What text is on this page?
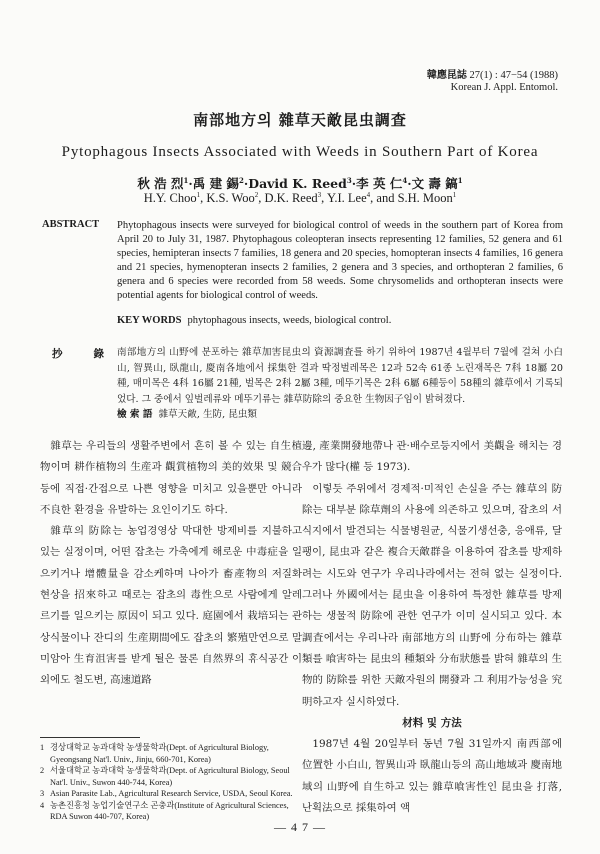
韓應昆誌 27(1) : 47−54 (1988)
Korean J. Appl. Entomol.
南部地方의 雜草天敵昆虫調査
Pytophagous Insects Associated with Weeds in Southern Part of Korea
秋 浩 烈$^1$·禹 建 錫$^2$·David K. Reed$^3$·李 英 仁$^4$·文 壽 鎬$^1$
H.Y. Choo$^1$, K.S. Woo$^2$, D.K. Reed$^3$, Y.I. Lee$^4$, and S.H. Moon$^1$
ABSTRACT Phytophagous insects were surveyed for biological control of weeds in the southern part of Korea from April 20 to July 31, 1987. Phytophagous coleopteran insects representing 12 families, 52 genera and 61 species, hemipteran insects 7 families, 18 genera and 20 species, homopteran insects 4 families, 16 genera and 21 species, hymenopteran insects 2 families, 2 genera and 3 species, and orthopteran 2 families, 6 genera and 6 species were recorded from 58 weeds. Some chrysomelids and orthopteran insects were potential agents for biological control of weeds.
KEY WORDS phytophagous insects, weeds, biological control.
抄	錄 南部地方의 山野에 분포하는 雜草加害昆虫의 資源調査를 하기 위하여 1987년 4월부터 7월에 걸쳐 小白山, 智異山, 臥龍山, 慶南各地에서 採集한 결과 딱정벌레목은 12과 52속 61종 노린재목은 7科 18屬 20種, 매미목은 4科 16屬 21種, 벌목은 2科 2屬 3種, 메뚜기목은 2科 6屬 6種등이 58種의 雜草에서 기록되었다. 그 중에서 잎벌레류와 메뚜기류는 雜草防除의 중요한 生物因子임이 밝혀졌다.
檢 索 語 雜草天敵, 生防, 昆虫類

雜草는 우리들의 생활주변에서 흔히 볼 수 있는 自生植物이며 耕作植物의 生産과 觀賞植物의 美的效果 및 競合 등에 직접·간접으로 나쁜 영향을 미치고 있을뿐만 아니라 不良한 환경을 유발하는 요인이기도 하다.

雜草의 防除는 농업경영상 막대한 방제비를 지불하고 있는 실정이며, 어떤 잡초는 가축에게 해로운 中毒症을 일으키거나 增體量을 감소케하며 나아가 畜產物의 저질화 현상을 招來하고 때로는 잡초의 毒性으로 사람에게 알레르기를 일으키는 原因이 되고 있다. 庭園에서 栽培되는 관상식물이나 잔디의 生産期間에도 잡초의 繁殖만연으로 말미암아 生育沮害를 받게 될은 물론 自然界의 휴식공간 이외에도 철도변, 高速道路

邊, 產業開發地帶나 관·배수로등지에서 美觀을 해치는 경우가 많다(權 등 1973).

이렇듯 주위에서 경제적·미적인 손실을 주는 雜草의 防除는 대부분 除草劑의 사용에 의존하고 있으며, 잡초의 서식지에서 발견되는 식물병원균, 식물기생선충, 응애류, 달팽이, 昆虫과 같은 複合天敵群을 이용하여 잡초를 방제하려는 시도와 연구가 우리나라에서는 전혀 없는 실정이다. 그러나 外國에서는 昆虫을 이용하여 특정한 雜草를 방제하는 생물적 防除에 관한 연구가 이미 실시되고 있다. 本調査에서는 우리나라 南部地方의 山野에 分布하는 雜草類를 喰害하는 昆虫의 種類와 分布狀態를 밝혀 雜草의 生物的 防除를 위한 天敵자원의 開發과 그 利用가능성을 究明하고자 실시하였다.

材料 및 方法

1987년 4월 20일부터 동년 7월 31일까지 南西部에 位置한 小白山, 智異山과 臥龍山등의 高山地域과 慶南地域의 山野에 自生하고 있는 雜草喰害性인 昆虫을 打落, 난획法으로 採集하여 액

1 경상대학교 농과대학 농생물학과(Dept. of Agricultural Biology, Gyeongsang Nat'l. Univ., Jinju, 660-701, Korea)
2 서울대학교 농과대학 농생물학과(Dept. of Agricultural Biology, Seoul Nat'l. Univ., Suwon 440-744, Korea)
3 Asian Parasite Lab., Agricultural Research Service, USDA, Seoul Korea.
4 농촌진흥청 농업기술연구소 곤충과(Institute of Agricultural Sciences, RDA Suwon 440-707, Korea)
— 4 7 —
